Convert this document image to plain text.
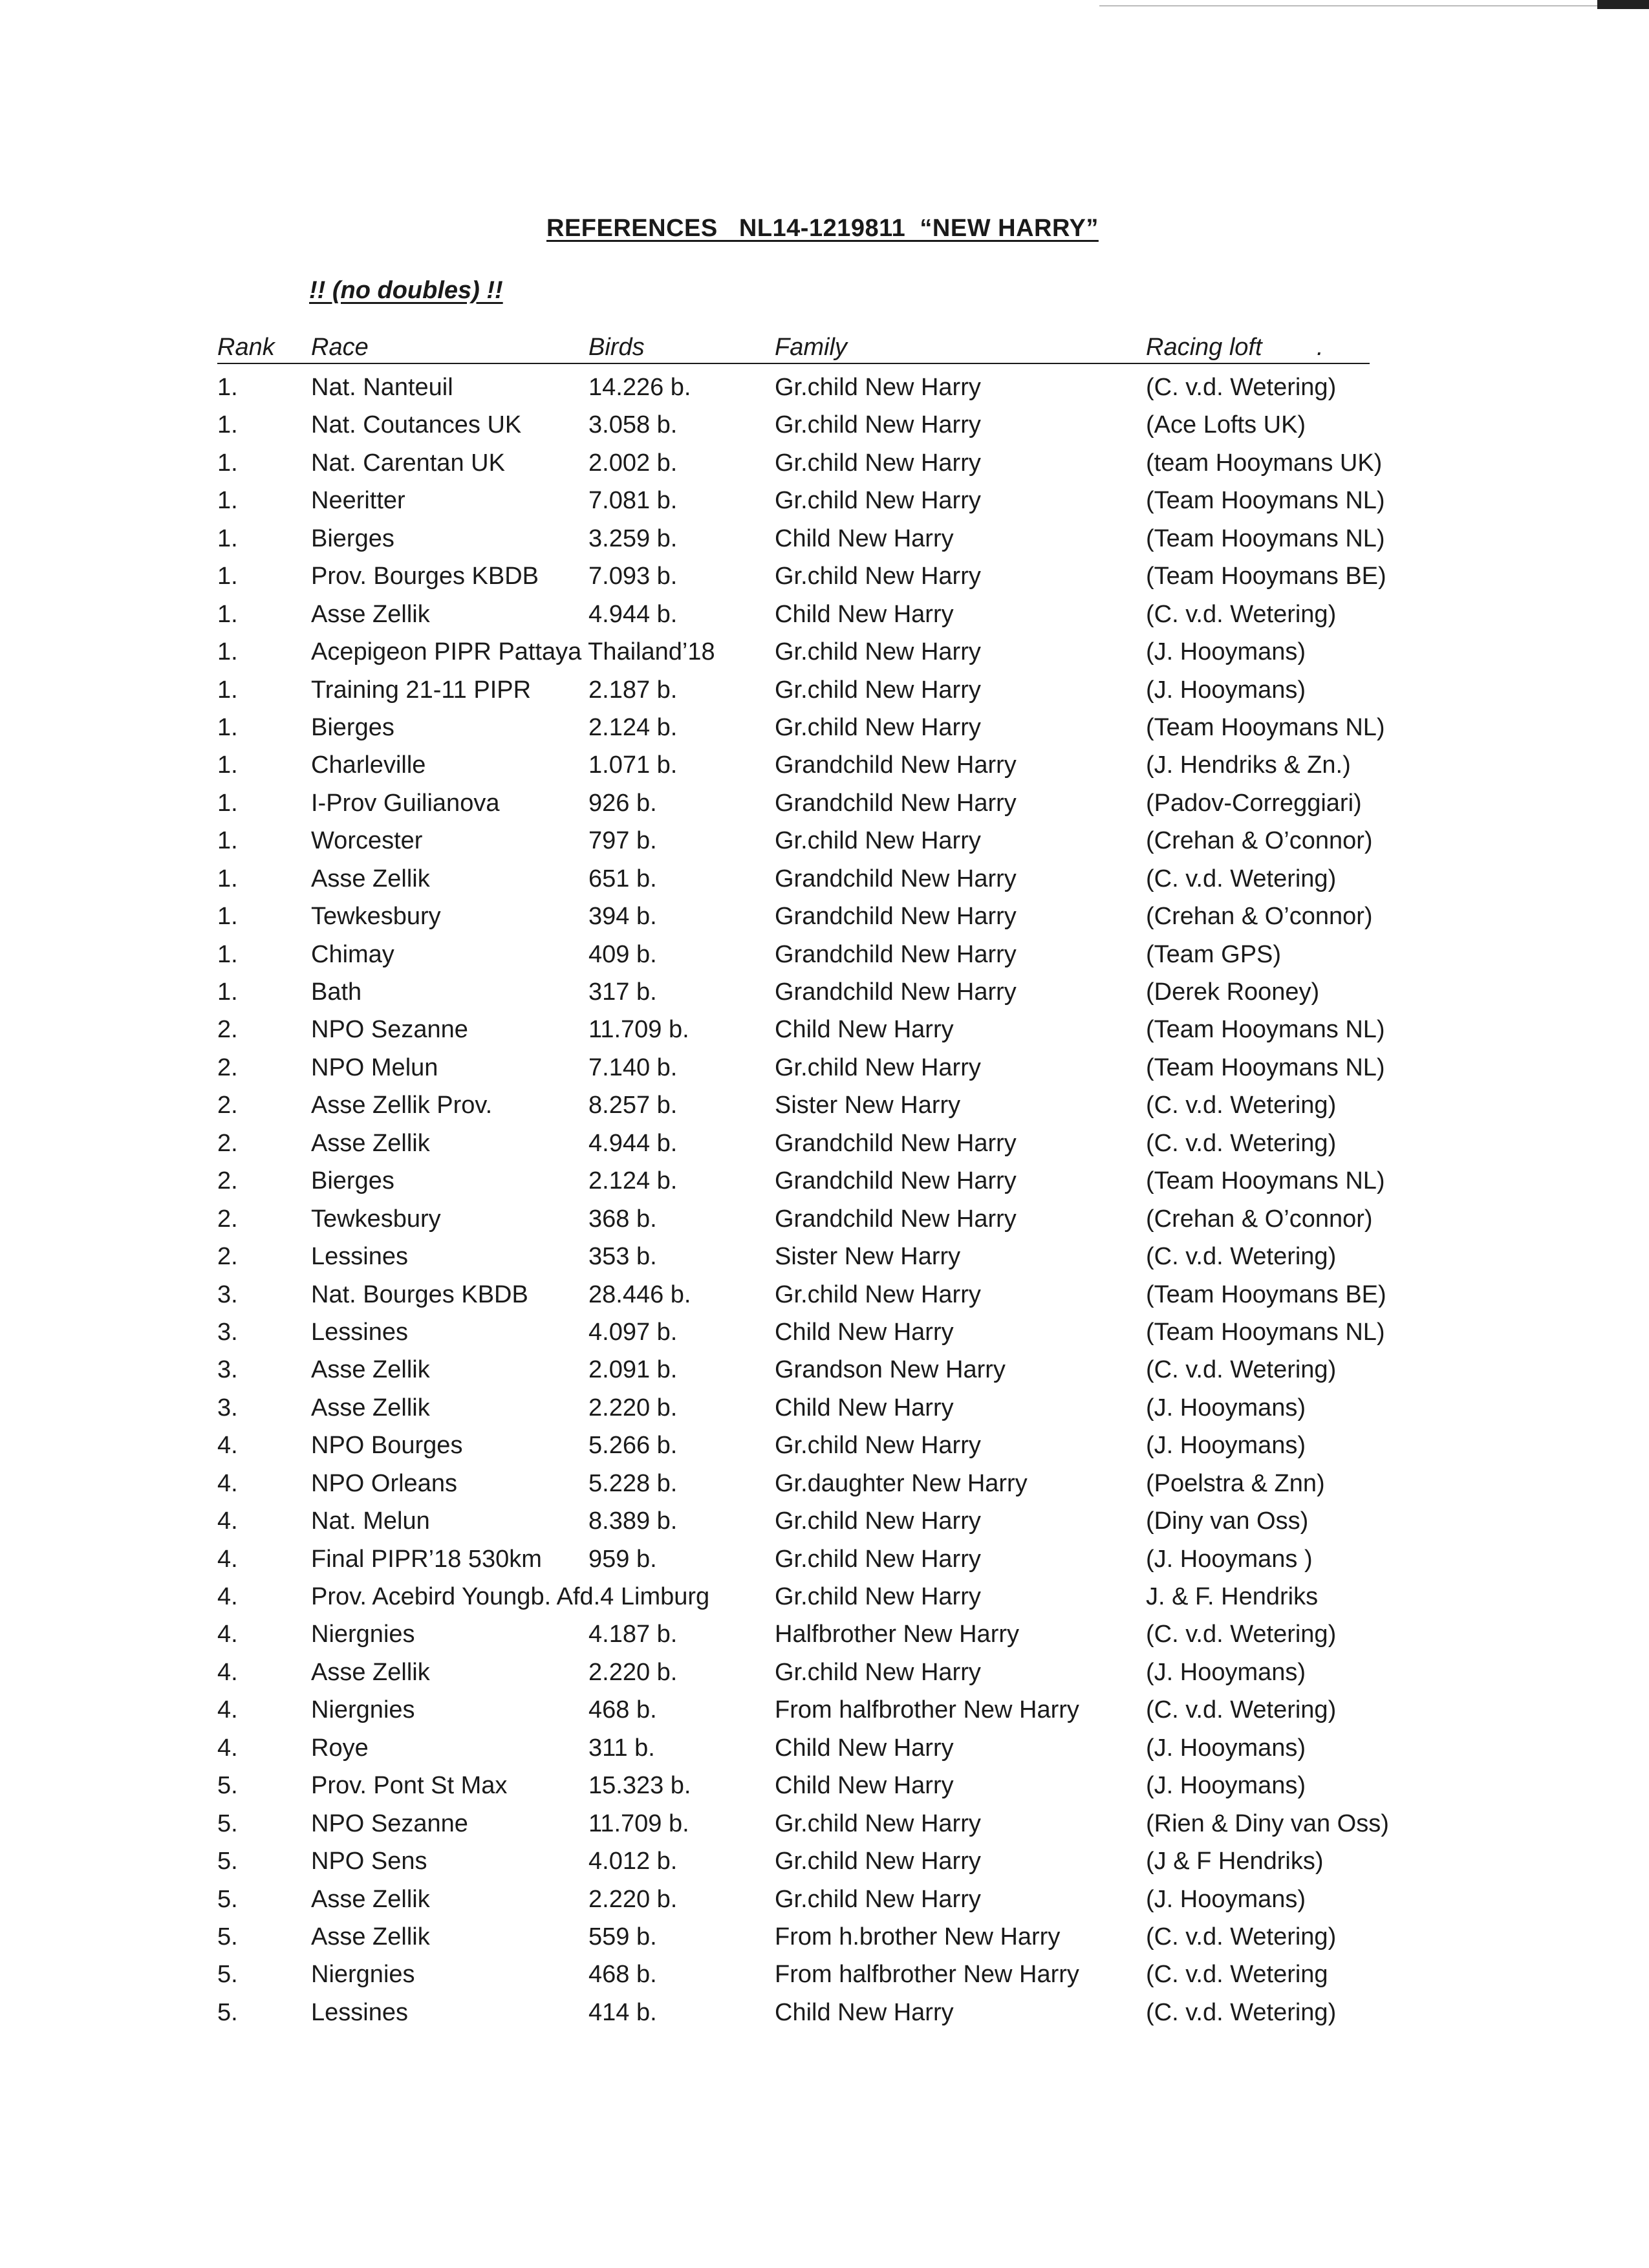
REFERENCES   NL14-1219811  “NEW HARRY”
!! (no doubles) !!
Rank Race	Birds	Family	Racing loft        .
1.	Nat. Nanteuil	14.226 b.	Gr.child New Harry	(C. v.d. Wetering)
1.	Nat. Coutances UK	3.058 b.	Gr.child New Harry	(Ace Lofts UK)
1.	Nat. Carentan UK	2.002 b.	Gr.child New Harry	(team Hooymans UK)
1.	Neeritter	7.081 b.	Gr.child New Harry	(Team Hooymans NL)
1.	Bierges	3.259 b.	Child New Harry	(Team Hooymans NL)
1.	Prov. Bourges KBDB 7.093 b.	Gr.child New Harry	(Team Hooymans BE)
1.	Asse Zellik	4.944 b.	Child New Harry	(C. v.d. Wetering)
1.	Acepigeon PIPR Pattaya Thailand’18 Gr.child New Harry	(J. Hooymans)
1.	Training 21-11 PIPR 2.187 b.	Gr.child New Harry	(J. Hooymans)
1.	Bierges	2.124 b.	Gr.child New Harry	(Team Hooymans NL)
1.	Charleville	1.071 b.	Grandchild New Harry	(J. Hendriks & Zn.)
1.	I-Prov Guilianova	926 b.	Grandchild New Harry	(Padov-Correggiari)
1.	Worcester	797 b.	Gr.child New Harry	(Crehan & O’connor)
1.	Asse Zellik	651 b.	Grandchild New Harry	(C. v.d. Wetering)
1.	Tewkesbury	394 b.	Grandchild New Harry	(Crehan & O’connor)
1.	Chimay	409 b.	Grandchild New Harry	(Team GPS)
1.	Bath	317 b.	Grandchild New Harry	(Derek Rooney)
2.	NPO Sezanne	11.709 b.	Child New Harry	(Team Hooymans NL)
2.	NPO Melun	7.140 b.	Gr.child New Harry	(Team Hooymans NL)
2.	Asse Zellik Prov.	8.257 b.	Sister New Harry	(C. v.d. Wetering)
2.	Asse Zellik	4.944 b.	Grandchild New Harry	(C. v.d. Wetering)
2.	Bierges	2.124 b.	Grandchild New Harry	(Team Hooymans NL)
2.	Tewkesbury	368 b.	Grandchild New Harry	(Crehan & O’connor)
2.	Lessines	353 b.	Sister New Harry	(C. v.d. Wetering)
3.	Nat. Bourges KBDB 28.446 b.	Gr.child New Harry	(Team Hooymans BE)
3.	Lessines	4.097 b.	Child New Harry	(Team Hooymans NL)
3.	Asse Zellik	2.091 b.	Grandson New Harry	(C. v.d. Wetering)
3.	Asse Zellik	2.220 b.	Child New Harry	(J. Hooymans)
4.	NPO Bourges	5.266 b.	Gr.child New Harry	(J. Hooymans)
4.	NPO Orleans	5.228 b.	Gr.daughter New Harry	(Poelstra & Znn)
4.	Nat. Melun	8.389 b.	Gr.child New Harry	(Diny van Oss)
4.	Final PIPR’18 530km 959 b.	Gr.child New Harry	(J. Hooymans )
4.	Prov. Acebird Youngb. Afd.4 Limburg	Gr.child New Harry	J. & F. Hendriks
4.	Niergnies	4.187 b.	Halfbrother New Harry	(C. v.d. Wetering)
4.	Asse Zellik	2.220 b.	Gr.child New Harry	(J. Hooymans)
4.	Niergnies	468 b.	From halfbrother New Harry	(C. v.d. Wetering)
4.	Roye	311 b.	Child New Harry	(J. Hooymans)
5.	Prov. Pont St Max	15.323 b.	Child New Harry	(J. Hooymans)
5.	NPO Sezanne	11.709 b.	Gr.child New Harry	(Rien & Diny van Oss)
5.	NPO Sens	4.012 b.	Gr.child New Harry	(J & F Hendriks)
5.	Asse Zellik	2.220 b.	Gr.child New Harry	(J. Hooymans)
5.	Asse Zellik	559 b.	From h.brother New Harry	(C. v.d. Wetering)
5.	Niergnies	468 b.	From halfbrother New Harry	(C. v.d. Wetering
5.	Lessines	414 b.	Child New Harry	(C. v.d. Wetering)
